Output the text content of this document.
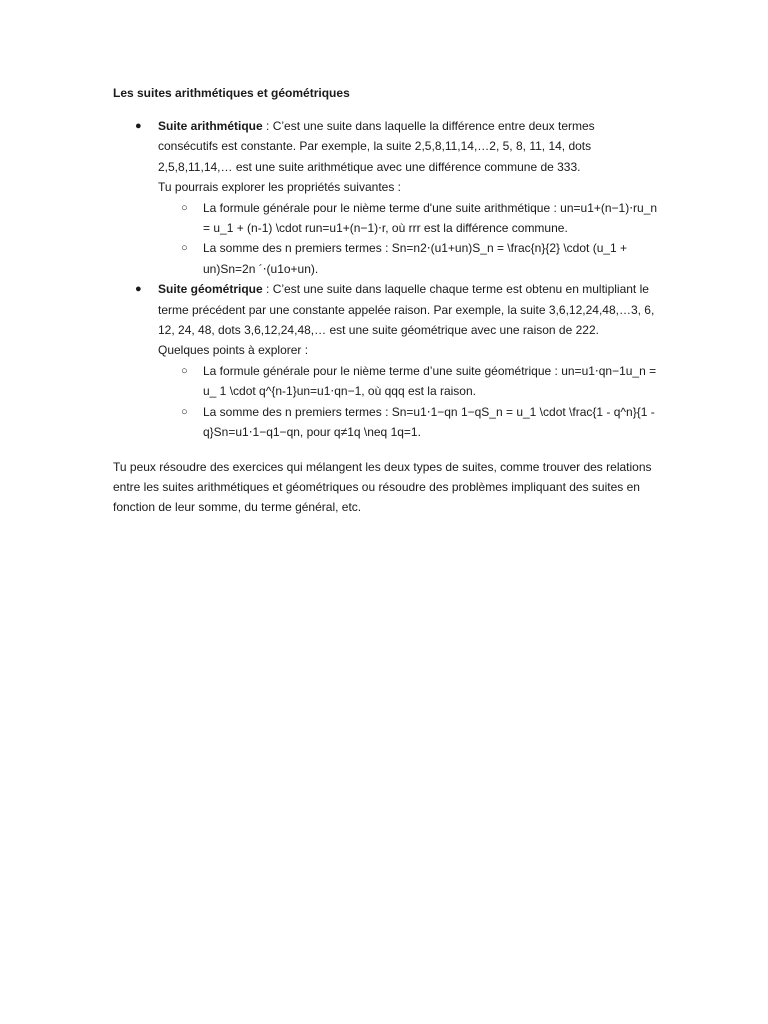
Les suites arithmétiques et géométriques
● Suite arithmétique : C’est une suite dans laquelle la différence entre deux termes consécutifs est constante. Par exemple, la suite 2,5,8,11,14,…2, 5, 8, 11, 14, dots 2,5,8,11,14,… est une suite arithmétique avec une différence commune de 333.
Tu pourrais explorer les propriétés suivantes :
○ La formule générale pour le nième terme d'une suite arithmétique : un=u1+(n−1)⋅ru_n = u_1 + (n-1) \cdot run=u1+(n−1)⋅r, où rrr est la différence commune.
○ La somme des n premiers termes : Sn=n2⋅(u1+un)S_n = \frac{n}{2} \cdot (u_1 + un)Sn=2n ´⋅(u1o+un).
● Suite géométrique : C’est une suite dans laquelle chaque terme est obtenu en multipliant le terme précédent par une constante appelée raison. Par exemple, la suite 3,6,12,24,48,…3, 6, 12, 24, 48, dots 3,6,12,24,48,… est une suite géométrique avec une raison de 222.
Quelques points à explorer :
○ La formule générale pour le nième terme d’une suite géométrique : un=u1⋅qn−1u_n = u_ 1 \cdot q^{n-1}un=u1⋅qn−1, où qqq est la raison.
○ La somme des n premiers termes : Sn=u1⋅1−qn 1−qS_n = u_1 \cdot \frac{1 - q^n}{1 - q}Sn=u1⋅1−q1−qn, pour q≠1q \neq 1q=1.

Tu peux résoudre des exercices qui mélangent les deux types de suites, comme trouver des relations entre les suites arithmétiques et géométriques ou résoudre des problèmes impliquant des suites en fonction de leur somme, du terme général, etc.
